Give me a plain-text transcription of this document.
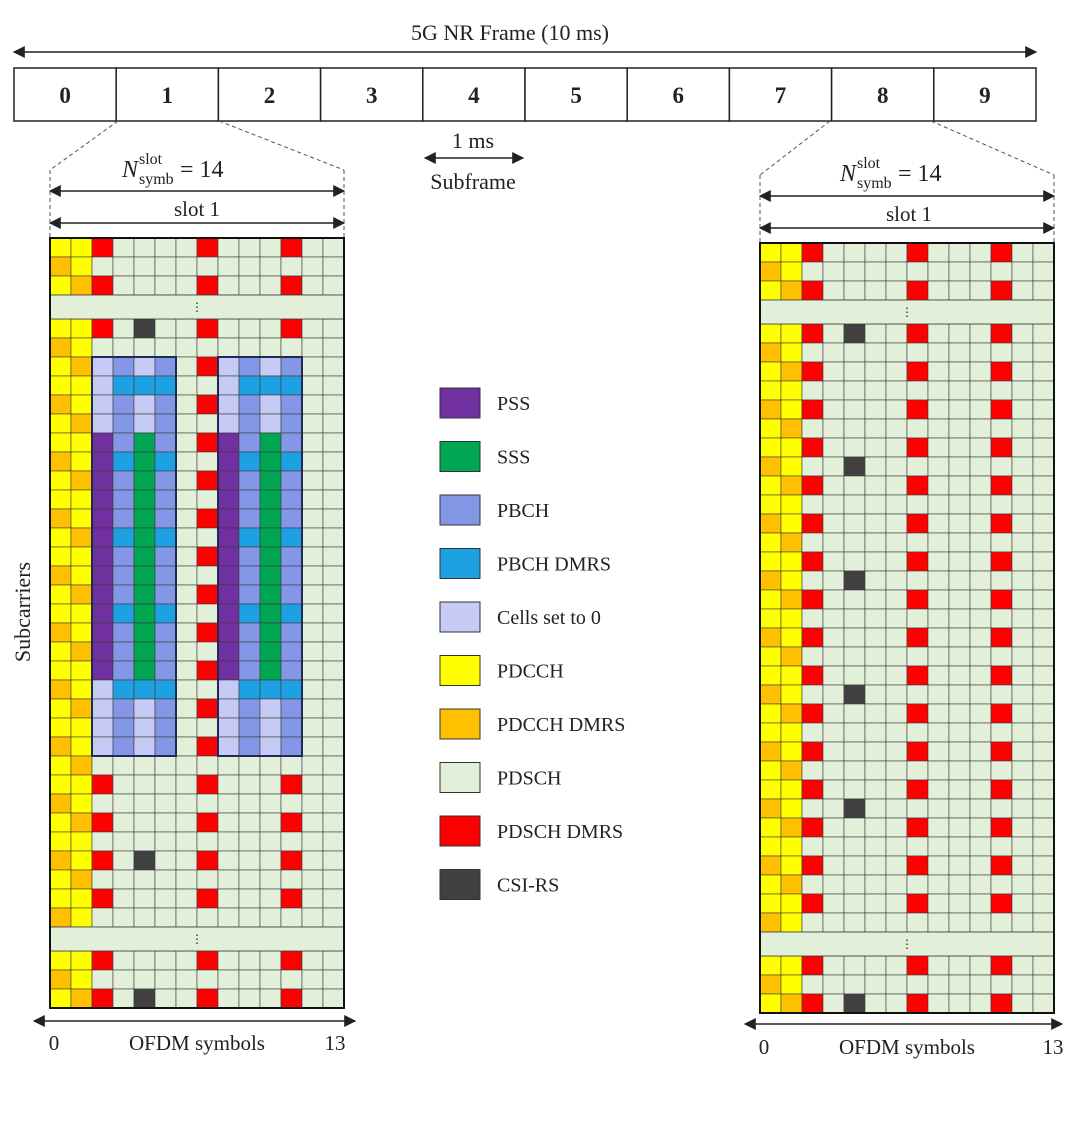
5G NR Frame (10 ms)
0	1	2	3	4	5	6	7	8	9
1 ms
Subframe
N slot
symb = 14
slot 1
Subcarriers
⋮
⋮
0	OFDM symbols	13
N slot
symb = 14
slot 1
⋮
⋮
0	OFDM symbols	13
PSS
SSS
PBCH
PBCH DMRS
Cells set to 0
PDCCH
PDCCH DMRS
PDSCH
PDSCH DMRS
CSI-RS
